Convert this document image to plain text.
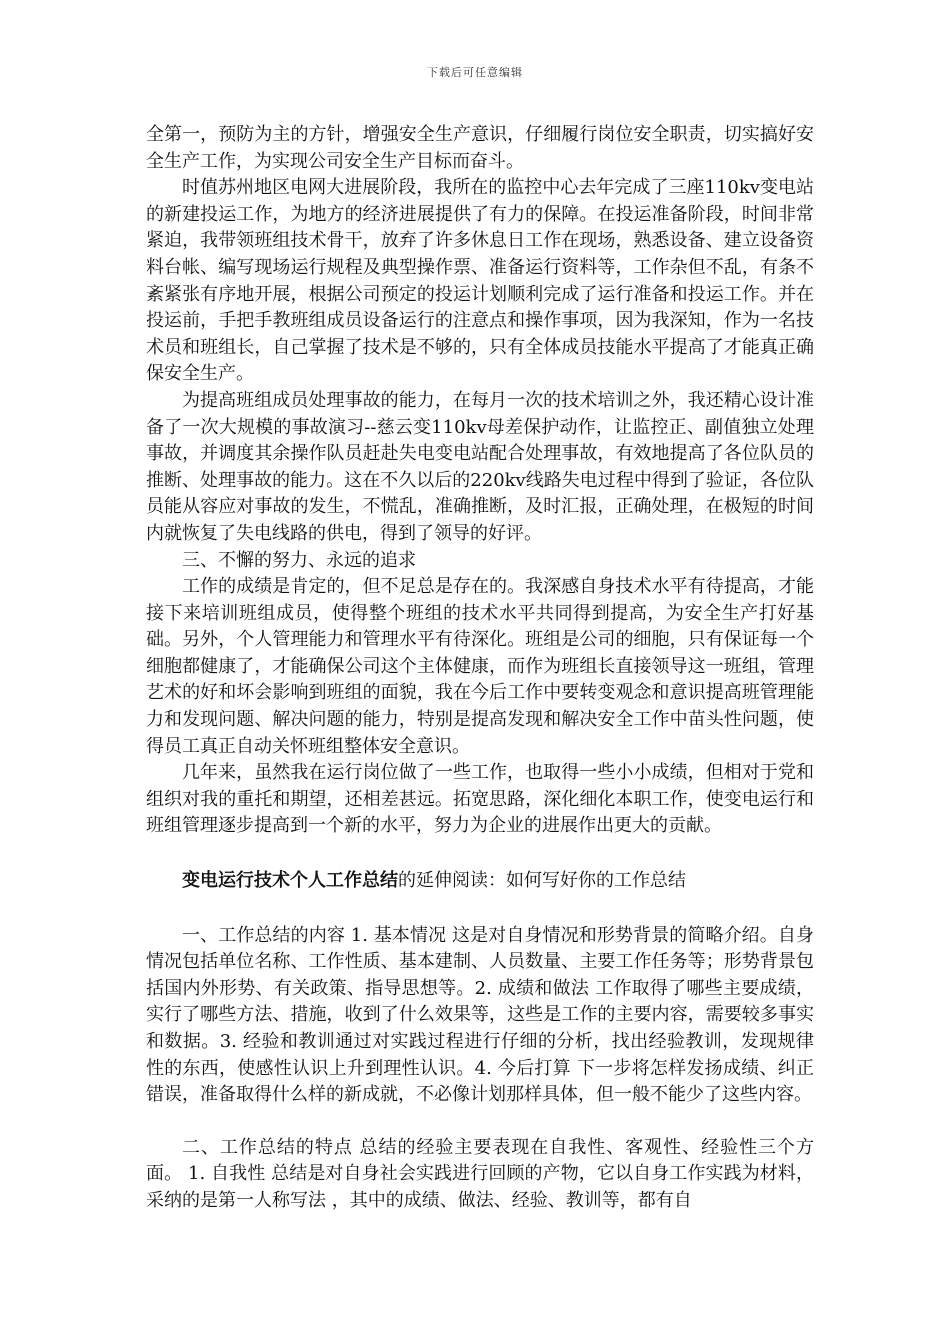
下载后可任意编辑

全第一，预防为主的方针，增强安全生产意识，仔细履行岗位安全职责，切实搞好安全生产工作，为实现公司安全生产目标而奋斗。

时值苏州地区电网大进展阶段，我所在的监控中心去年完成了三座110kv变电站的新建投运工作，为地方的经济进展提供了有力的保障。在投运准备阶段，时间非常紧迫，我带领班组技术骨干，放弃了许多休息日工作在现场，熟悉设备、建立设备资料台帐、编写现场运行规程及典型操作票、准备运行资料等，工作杂但不乱，有条不紊紧张有序地开展，根据公司预定的投运计划顺利完成了运行准备和投运工作。并在投运前，手把手教班组成员设备运行的注意点和操作事项，因为我深知，作为一名技术员和班组长，自己掌握了技术是不够的，只有全体成员技能水平提高了才能真正确保安全生产。

为提高班组成员处理事故的能力，在每月一次的技术培训之外，我还精心设计准备了一次大规模的事故演习--慈云变110kv母差保护动作，让监控正、副值独立处理事故，并调度其余操作队员赶赴失电变电站配合处理事故，有效地提高了各位队员的推断、处理事故的能力。这在不久以后的220kv线路失电过程中得到了验证，各位队员能从容应对事故的发生，不慌乱，准确推断，及时汇报，正确处理，在极短的时间内就恢复了失电线路的供电，得到了领导的好评。

三、不懈的努力、永远的追求

工作的成绩是肯定的，但不足总是存在的。我深感自身技术水平有待提高，才能接下来培训班组成员，使得整个班组的技术水平共同得到提高，为安全生产打好基础。另外，个人管理能力和管理水平有待深化。班组是公司的细胞，只有保证每一个细胞都健康了，才能确保公司这个主体健康，而作为班组长直接领导这一班组，管理艺术的好和坏会影响到班组的面貌，我在今后工作中要转变观念和意识提高班管理能力和发现问题、解决问题的能力，特别是提高发现和解决安全工作中苗头性问题，使得员工真正自动关怀班组整体安全意识。

几年来，虽然我在运行岗位做了一些工作，也取得一些小小成绩，但相对于党和组织对我的重托和期望，还相差甚远。拓宽思路，深化细化本职工作，使变电运行和班组管理逐步提高到一个新的水平，努力为企业的进展作出更大的贡献。

变电运行技术个人工作总结的延伸阅读：如何写好你的工作总结

一、工作总结的内容 1. 基本情况 这是对自身情况和形势背景的简略介绍。自身情况包括单位名称、工作性质、基本建制、人员数量、主要工作任务等；形势背景包括国内外形势、有关政策、指导思想等。2. 成绩和做法 工作取得了哪些主要成绩，实行了哪些方法、措施，收到了什么效果等，这些是工作的主要内容，需要较多事实和数据。3. 经验和教训通过对实践过程进行仔细的分析，找出经验教训，发现规律性的东西，使感性认识上升到理性认识。4. 今后打算 下一步将怎样发扬成绩、纠正错误，准备取得什么样的新成就，不必像计划那样具体，但一般不能少了这些内容。

二、工作总结的特点 总结的经验主要表现在自我性、客观性、经验性三个方面。 1. 自我性 总结是对自身社会实践进行回顾的产物，它以自身工作实践为材料，采纳的是第一人称写法 ，其中的成绩、做法、经验、教训等，都有自
